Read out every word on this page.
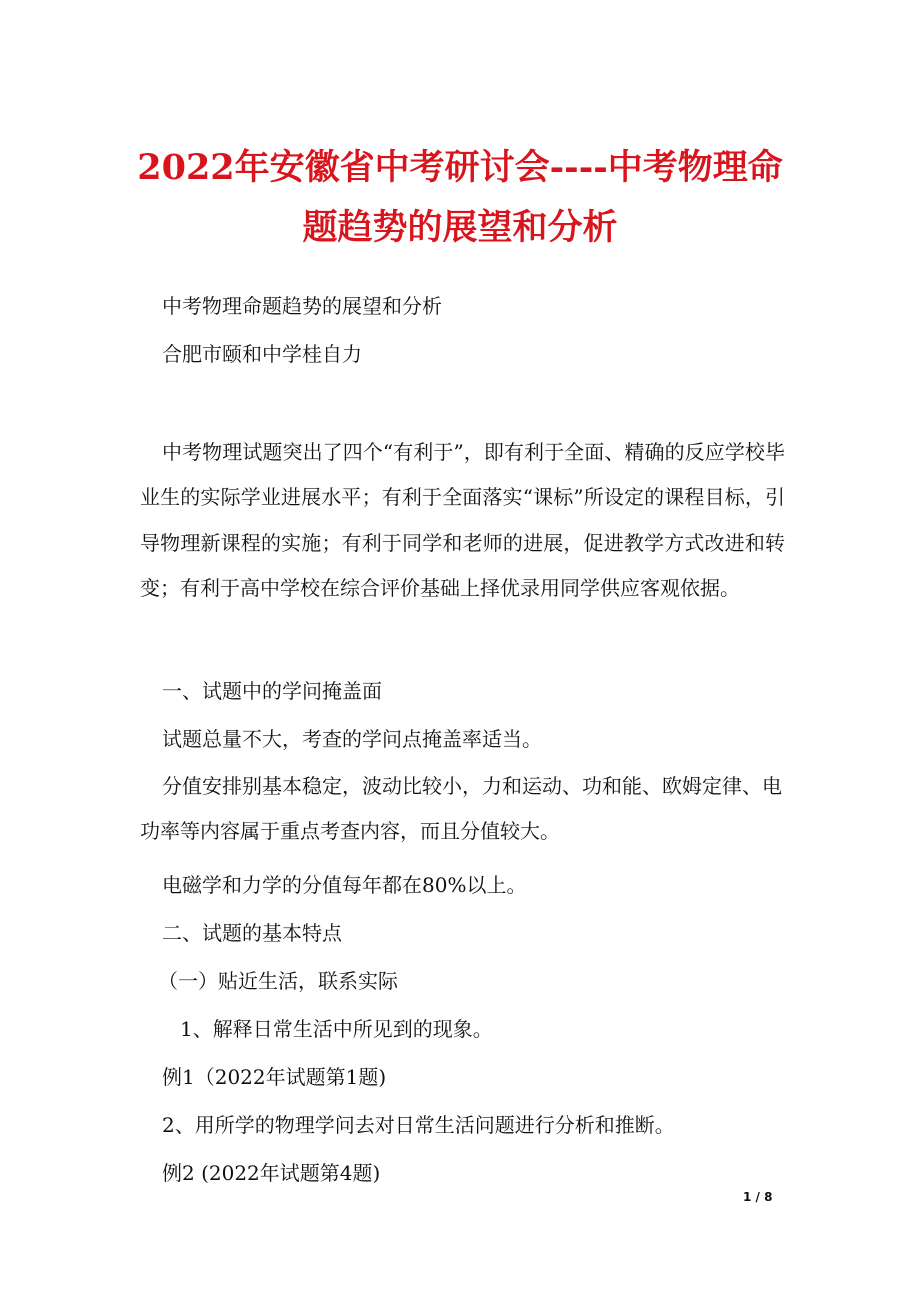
2022年安徽省中考研讨会----中考物理命
题趋势的展望和分析

中考物理命题趋势的展望和分析

合肥市颐和中学桂自力

中考物理试题突出了四个“有利于”，即有利于全面、精确的反应学校毕业生的实际学业进展水平；有利于全面落实“课标”所设定的课程目标，引导物理新课程的实施；有利于同学和老师的进展，促进教学方式改进和转变；有利于高中学校在综合评价基础上择优录用同学供应客观依据。

一、试题中的学问掩盖面

试题总量不大，考查的学问点掩盖率适当。

分值安排别基本稳定，波动比较小，力和运动、功和能、欧姆定律、电功率等内容属于重点考查内容，而且分值较大。

电磁学和力学的分值每年都在80%以上。

二、试题的基本特点

（一）贴近生活，联系实际

1、解释日常生活中所见到的现象。

例1（2022年试题第1题)

2、用所学的物理学问去对日常生活问题进行分析和推断。

例2 (2022年试题第4题)

1 / 8
